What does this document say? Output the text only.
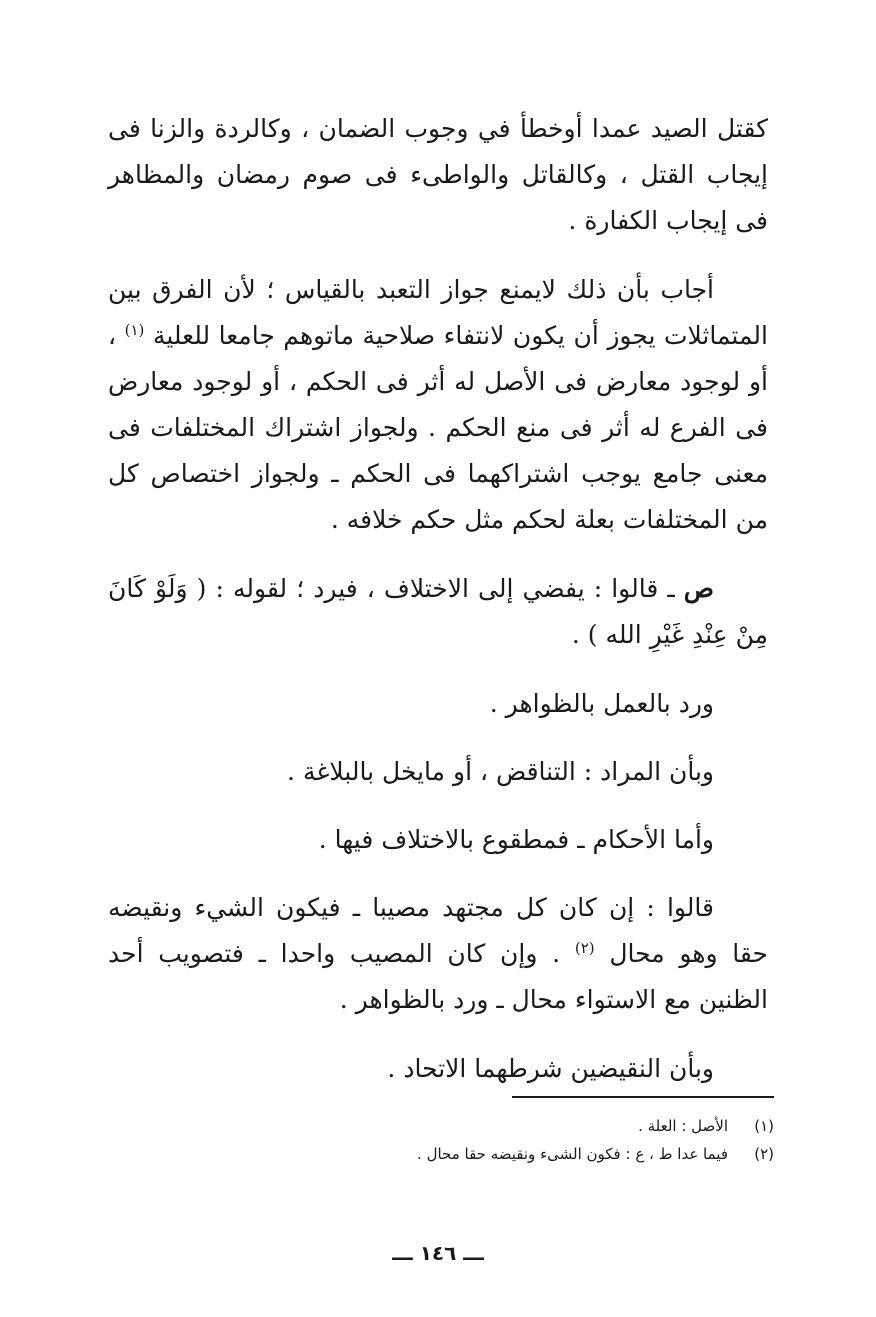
كقتل الصيد عمدا أوخطأ في وجوب الضمان ، وكالردة والزنا فى إيجاب القتل ، وكالقاتل والواطىء فى صوم رمضان والمظاهر فى إيجاب الكفارة .

أجاب بأن ذلك لايمنع جواز التعبد بالقياس ؛ لأن الفرق بين المتماثلات يجوز أن يكون لانتفاء صلاحية ماتوهم جامعا للعلية $^{(١)}$ ، أو لوجود معارض فى الأصل له أثر فى الحكم ، أو لوجود معارض فى الفرع له أثر فى منع الحكم . ولجواز اشتراك المختلفات فى معنى جامع يوجب اشتراكهما فى الحكم ـ ولجواز اختصاص كل من المختلفات بعلة لحكم مثل حكم خلافه .

ص ـ قالوا : يفضي إلى الاختلاف ، فيرد ؛ لقوله : ( وَلَوْ كَانَ مِنْ عِنْدِ غَيْرِ الله ) .

ورد بالعمل بالظواهر .

وبأن المراد : التناقض ، أو مايخل بالبلاغة .

وأما الأحكام ـ فمطقوع بالاختلاف فيها .

قالوا : إن كان كل مجتهد مصيبا ـ فيكون الشيء ونقيضه حقا وهو محال $^{(٢)}$ . وإن كان المصيب واحدا ـ فتصويب أحد الظنين مع الاستواء محال ـ ورد بالظواهر .

وبأن النقيضين شرطهما الاتحاد .

(١)
الأصل : العلة .
(٢)
فيما عدا ط ، ع : فكون الشىء ونقيضه حقا محال .
ـــ ١٤٦ ـــ
